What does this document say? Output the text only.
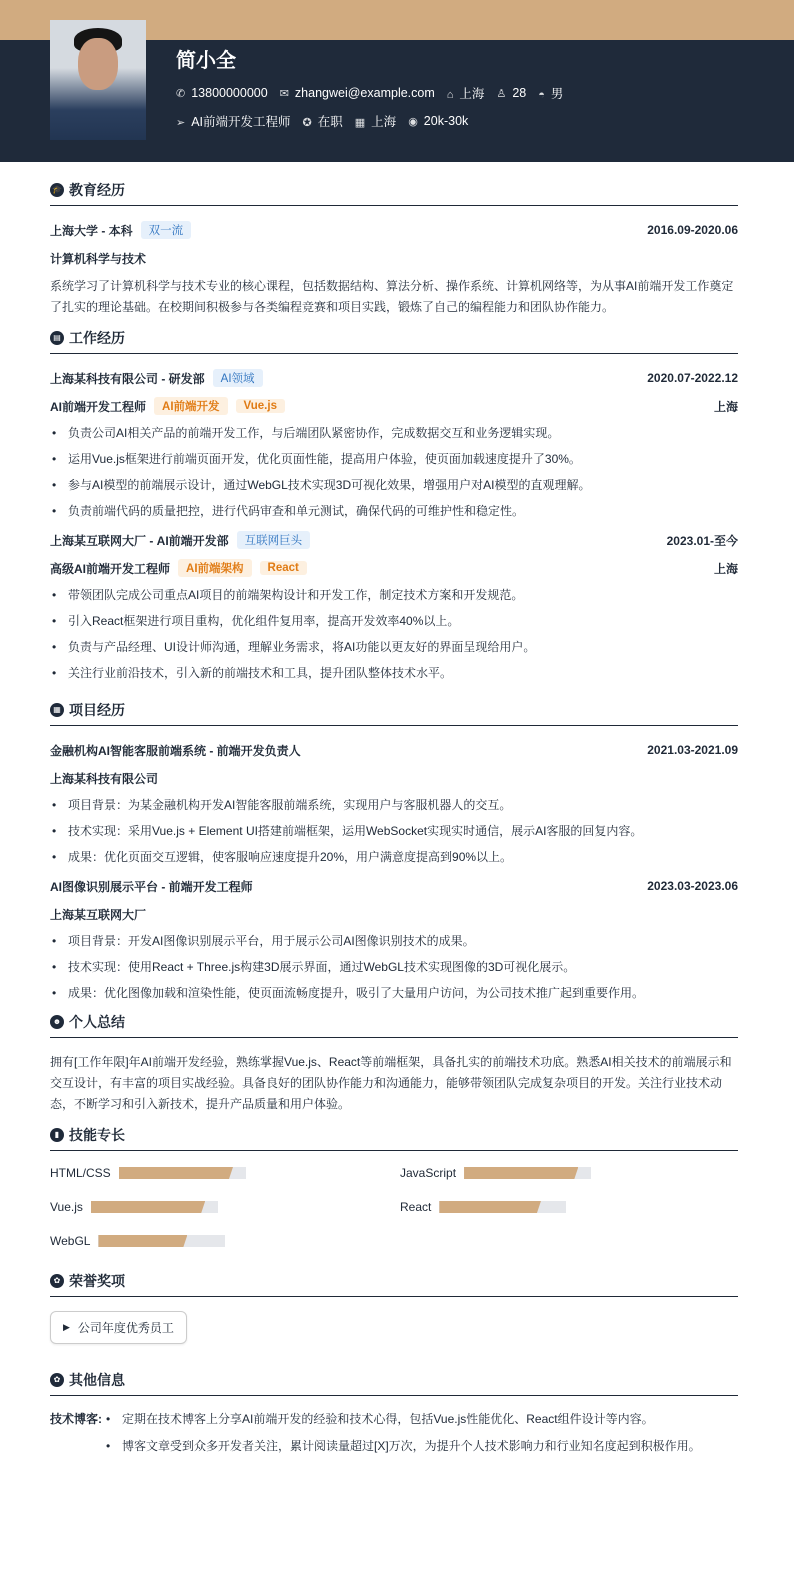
简小全
✆ 13800000000 ✉ zhangwei@example.com ⌂ 上海 ♙ 28 ◓ 男
➢ AI前端开发工程师 ✪ 在职 ▦ 上海 ◉ 20k-30k
🎓 教育经历
上海大学 - 本科	双一流	2016.09-2020.06
计算机科学与技术

系统学习了计算机科学与技术专业的核心课程，包括数据结构、算法分析、操作系统、计算机网络等，为从事AI前端开发工作奠定了扎实的理论基础。在校期间积极参与各类编程竞赛和项目实践，锻炼了自己的编程能力和团队协作能力。

▤ 工作经历
上海某科技有限公司 - 研发部	AI领域	2020.07-2022.12
AI前端开发工程师	AI前端开发	Vue.js	上海
• 负责公司AI相关产品的前端开发工作，与后端团队紧密协作，完成数据交互和业务逻辑实现。
• 运用Vue.js框架进行前端页面开发，优化页面性能，提高用户体验，使页面加载速度提升了30%。
• 参与AI模型的前端展示设计，通过WebGL技术实现3D可视化效果，增强用户对AI模型的直观理解。
• 负责前端代码的质量把控，进行代码审查和单元测试，确保代码的可维护性和稳定性。
上海某互联网大厂 - AI前端开发部	互联网巨头	2023.01-至今
高级AI前端开发工程师	AI前端架构	React	上海
• 带领团队完成公司重点AI项目的前端架构设计和开发工作，制定技术方案和开发规范。
• 引入React框架进行项目重构，优化组件复用率，提高开发效率40%以上。
• 负责与产品经理、UI设计师沟通，理解业务需求，将AI功能以更友好的界面呈现给用户。
• 关注行业前沿技术，引入新的前端技术和工具，提升团队整体技术水平。
▦ 项目经历
金融机构AI智能客服前端系统 - 前端开发负责人	2021.03-2021.09
上海某科技有限公司
• 项目背景：为某金融机构开发AI智能客服前端系统，实现用户与客服机器人的交互。
• 技术实现：采用Vue.js + Element UI搭建前端框架，运用WebSocket实现实时通信，展示AI客服的回复内容。
• 成果：优化页面交互逻辑，使客服响应速度提升20%，用户满意度提高到90%以上。
AI图像识别展示平台 - 前端开发工程师	2023.03-2023.06
上海某互联网大厂
• 项目背景：开发AI图像识别展示平台，用于展示公司AI图像识别技术的成果。
• 技术实现：使用React + Three.js构建3D展示界面，通过WebGL技术实现图像的3D可视化展示。
• 成果：优化图像加载和渲染性能，使页面流畅度提升，吸引了大量用户访问，为公司技术推广起到重要作用。
☻ 个人总结

拥有[工作年限]年AI前端开发经验，熟练掌握Vue.js、React等前端框架，具备扎实的前端技术功底。熟悉AI相关技术的前端展示和交互设计，有丰富的项目实战经验。具备良好的团队协作能力和沟通能力，能够带领团队完成复杂项目的开发。关注行业技术动态，不断学习和引入新技术，提升产品质量和用户体验。

▮ 技能专长
HTML/CSS	JavaScript
Vue.js	React
WebGL
✿ 荣誉奖项
▶ 公司年度优秀员工
✿ 其他信息
技术博客:	• 定期在技术博客上分享AI前端开发的经验和技术心得，包括Vue.js性能优化、React组件设计等内容。
• 博客文章受到众多开发者关注，累计阅读量超过[X]万次，为提升个人技术影响力和行业知名度起到积极作用。
